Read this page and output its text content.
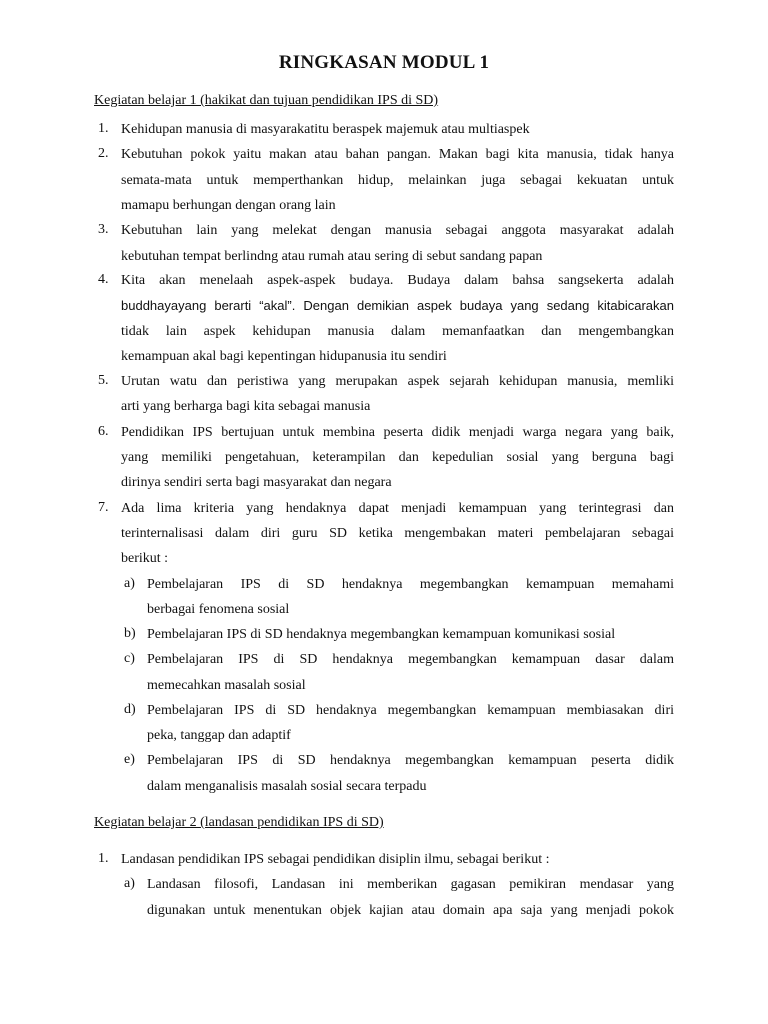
RINGKASAN MODUL 1
Kegiatan belajar 1 (hakikat dan tujuan pendidikan IPS di SD)
1. Kehidupan manusia di masyarakatitu beraspek majemuk atau multiaspek
2. Kebutuhan pokok yaitu makan atau bahan pangan. Makan bagi kita manusia, tidak hanya
semata-mata untuk memperthankan hidup, melainkan juga sebagai kekuatan untuk
mamapu berhungan dengan orang lain
3. Kebutuhan lain yang melekat dengan manusia sebagai anggota masyarakat adalah
kebutuhan tempat berlindng atau rumah atau sering di sebut sandang papan
4. Kita akan menelaah aspek-aspek budaya. Budaya dalam bahsa sangsekerta adalah
buddhayayang berarti “akal”. Dengan demikian aspek budaya yang sedang kitabicarakan
tidak lain aspek kehidupan manusia dalam memanfaatkan dan mengembangkan
kemampuan akal bagi kepentingan hidupanusia itu sendiri
5. Urutan watu dan peristiwa yang merupakan aspek sejarah kehidupan manusia, memliki
arti yang berharga bagi kita sebagai manusia
6. Pendidikan IPS bertujuan untuk membina peserta didik menjadi warga negara yang baik,
yang memiliki pengetahuan, keterampilan dan kepedulian sosial yang berguna bagi
dirinya sendiri serta bagi masyarakat dan negara
7. Ada lima kriteria yang hendaknya dapat menjadi kemampuan yang terintegrasi dan
terinternalisasi dalam diri guru SD ketika mengembakan materi pembelajaran sebagai
berikut :
a) Pembelajaran IPS di SD hendaknya megembangkan kemampuan memahami
berbagai fenomena sosial
b) Pembelajaran IPS di SD hendaknya megembangkan kemampuan komunikasi sosial
c) Pembelajaran IPS di SD hendaknya megembangkan kemampuan dasar dalam
memecahkan masalah sosial
d) Pembelajaran IPS di SD hendaknya megembangkan kemampuan membiasakan diri
peka, tanggap dan adaptif
e) Pembelajaran IPS di SD hendaknya megembangkan kemampuan peserta didik
dalam menganalisis masalah sosial secara terpadu
Kegiatan belajar 2 (landasan pendidikan IPS di SD)
1. Landasan pendidikan IPS sebagai pendidikan disiplin ilmu, sebagai berikut :
a) Landasan filosofi, Landasan ini memberikan gagasan pemikiran mendasar yang
digunakan untuk menentukan objek kajian atau domain apa saja yang menjadi pokok
